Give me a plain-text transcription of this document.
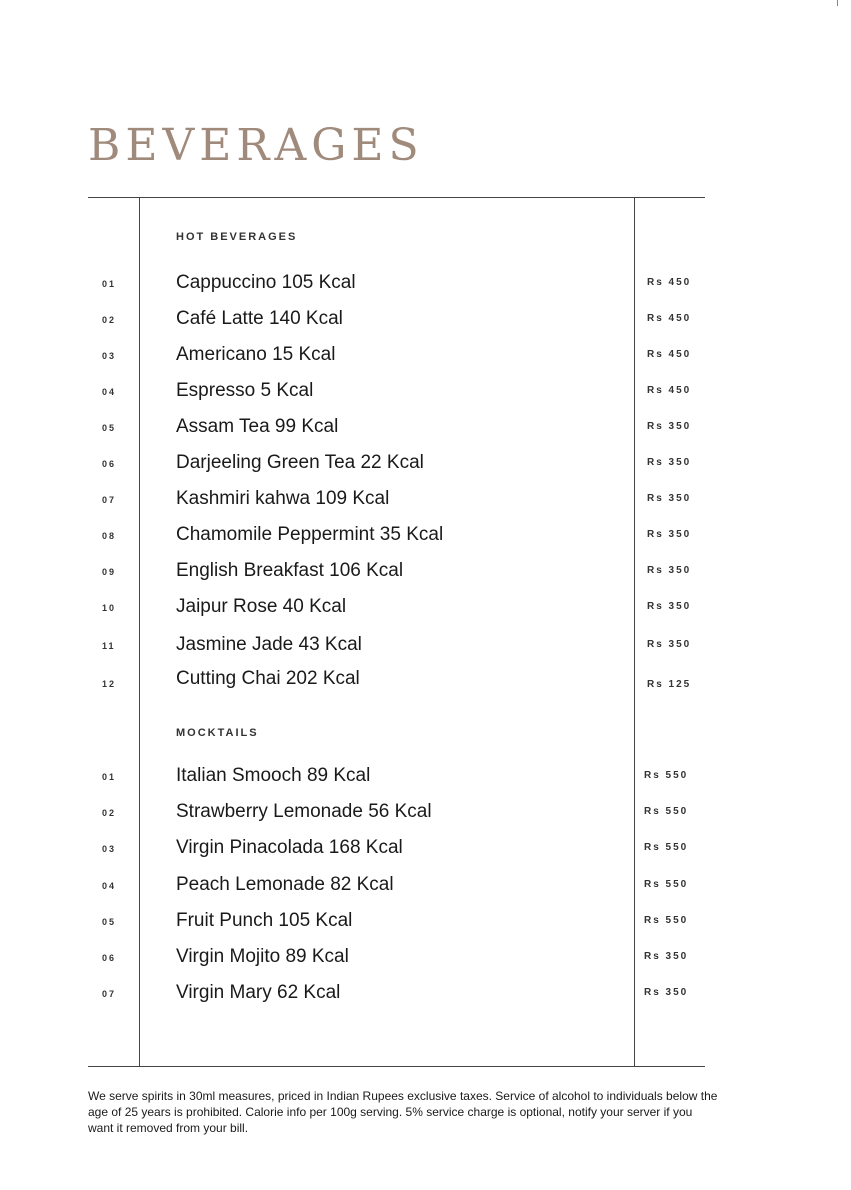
BEVERAGES
HOT BEVERAGES
01	Cappuccino 105 Kcal	Rs 450
02	Café Latte 140 Kcal	Rs 450
03	Americano 15 Kcal	Rs 450
04	Espresso 5 Kcal	Rs 450
05	Assam Tea 99 Kcal	Rs 350
06	Darjeeling Green Tea 22 Kcal	Rs 350
07	Kashmiri kahwa 109 Kcal	Rs 350
08	Chamomile Peppermint 35 Kcal	Rs 350
09	English Breakfast 106 Kcal	Rs 350
10	Jaipur Rose 40 Kcal	Rs 350
11	Jasmine Jade 43 Kcal	Rs 350
12	Cutting Chai 202 Kcal	Rs 125
MOCKTAILS
01	Italian Smooch 89 Kcal	Rs 550
02	Strawberry Lemonade 56 Kcal	Rs 550
03	Virgin Pinacolada 168 Kcal	Rs 550
04	Peach Lemonade 82 Kcal	Rs 550
05	Fruit Punch 105 Kcal	Rs 550
06	Virgin Mojito 89 Kcal	Rs 350
07	Virgin Mary 62 Kcal	Rs 350

We serve spirits in 30ml measures, priced in Indian Rupees exclusive taxes. Service of alcohol to individuals below the age of 25 years is prohibited. Calorie info per 100g serving. 5% service charge is optional, notify your server if you want it removed from your bill.
